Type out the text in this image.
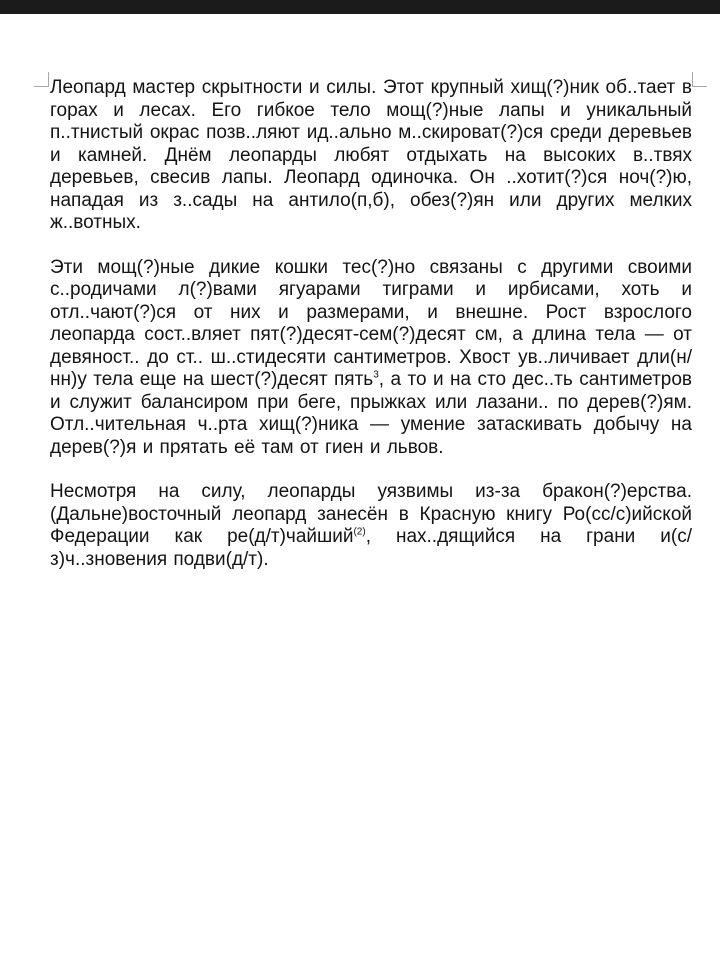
Леопард мастер скрытности и силы. Этот крупный хищ(?)ник об..тает в горах и лесах. Его гибкое тело мощ(?)ные лапы и уникальный п..тнистый окрас позв..ляют ид..ально м..скироват(?)ся среди деревьев и камней. Днём леопарды любят отдыхать на высоких в..твях деревьев, свесив лапы. Леопард одиночка. Он ..хотит(?)ся ноч(?)ю, нападая из з..сады на антило(п,б), обез(?)ян или других мелких ж..вотных.

Эти мощ(?)ные дикие кошки тес(?)но связаны с другими своими с..родичами л(?)вами ягуарами тиграми и ирбисами, хоть и отл..чают(?)ся от них и размерами, и внешне. Рост взрослого леопарда сост..вляет пят(?)десят-сем(?)десят см, а длина тела — от девяност.. до ст.. ш..стидесяти сантиметров. Хвост ув..личивает дли(н/нн)у тела еще на шест(?)десят пять$^3$, а то и на сто дес..ть сантиметров и служит балансиром при беге, прыжках или лазани.. по дерев(?)ям. Отл..чительная ч..рта хищ(?)ника — умение затаскивать добычу на дерев(?)я и прятать её там от гиен и львов.

Несмотря на силу, леопарды уязвимы из-за бракон(?)ерства. (Дальне)восточный леопард занесён в Красную книгу Ро(сс/с)ийской Федерации как ре(д/т)чайший$^{(2)}$, нах..дящийся на грани и(с/з)ч..зновения подви(д/т).
